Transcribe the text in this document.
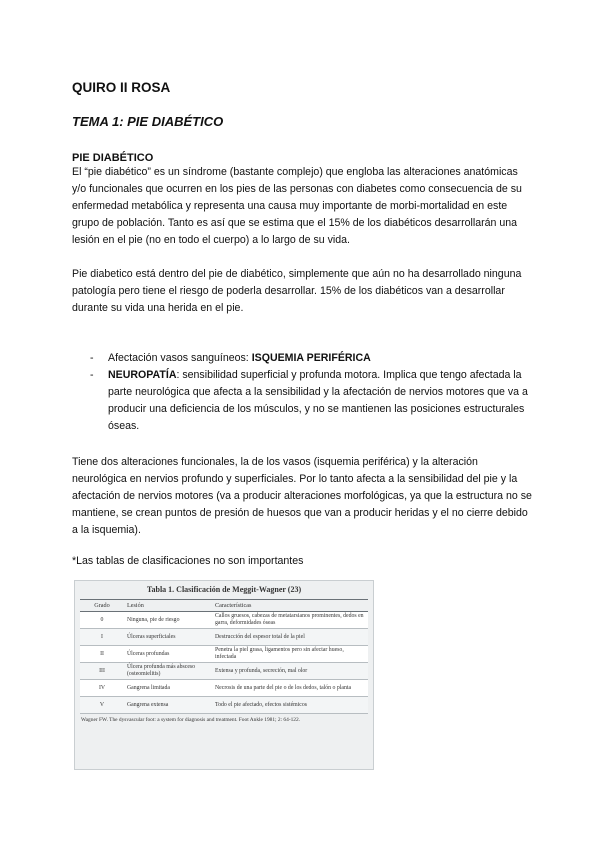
QUIRO II ROSA
TEMA 1: PIE DIABÉTICO
PIE DIABÉTICO

El “pie diabético” es un síndrome (bastante complejo) que engloba las alteraciones anatómicas y/o funcionales que ocurren en los pies de las personas con diabetes como consecuencia de su enfermedad metabólica y representa una causa muy importante de morbi-mortalidad en este grupo de población. Tanto es así que se estima que el 15% de los diabéticos desarrollarán una lesión en el pie (no en todo el cuerpo) a lo largo de su vida.

Pie diabetico está dentro del pie de diabético, simplemente que aún no ha desarrollado ninguna patología pero tiene el riesgo de poderla desarrollar. 15% de los diabéticos van a desarrollar durante su vida una herida en el pie.

- Afectación vasos sanguíneos: ISQUEMIA PERIFÉRICA
- NEUROPATÍA: sensibilidad superficial y profunda motora. Implica que tengo afectada la parte neurológica que afecta a la sensibilidad y la afectación de nervios motores que va a producir una deficiencia de los músculos, y no se mantienen las posiciones estructurales óseas.

Tiene dos alteraciones funcionales, la de los vasos (isquemia periférica) y la alteración neurológica en nervios profundo y superficiales. Por lo tanto afecta a la sensibilidad del pie y la afectación de nervios motores (va a producir alteraciones morfológicas, ya que la estructura no se mantiene, se crean puntos de presión de huesos que van a producir heridas y el no cierre debido a la isquemia).

*Las tablas de clasificaciones no son importantes

Tabla 1. Clasificación de Meggit-Wagner (23)
Grado	Lesión	Características
0	Ninguna, pie de riesgo	Callos gruesos, cabezas de metatarsianos prominentes, dedos en garra, deformidades óseas
I	Úlceras superficiales	Destrucción del espesor total de la piel
II	Úlceras profundas	Penetra la piel grasa, ligamentos pero sin afectar hueso, infectada
III	Úlcera profunda más absceso (osteomielitis)	Extensa y profunda, secreción, mal olor
IV	Gangrena limitada	Necrosis de una parte del pie o de los dedos, talón o planta
V	Gangrena extensa	Todo el pie afectado, efectos sistémicos
Wagner FW. The dysvascular foot: a system for diagnosis and treatment. Foot Ankle 1981; 2: 64-122.
